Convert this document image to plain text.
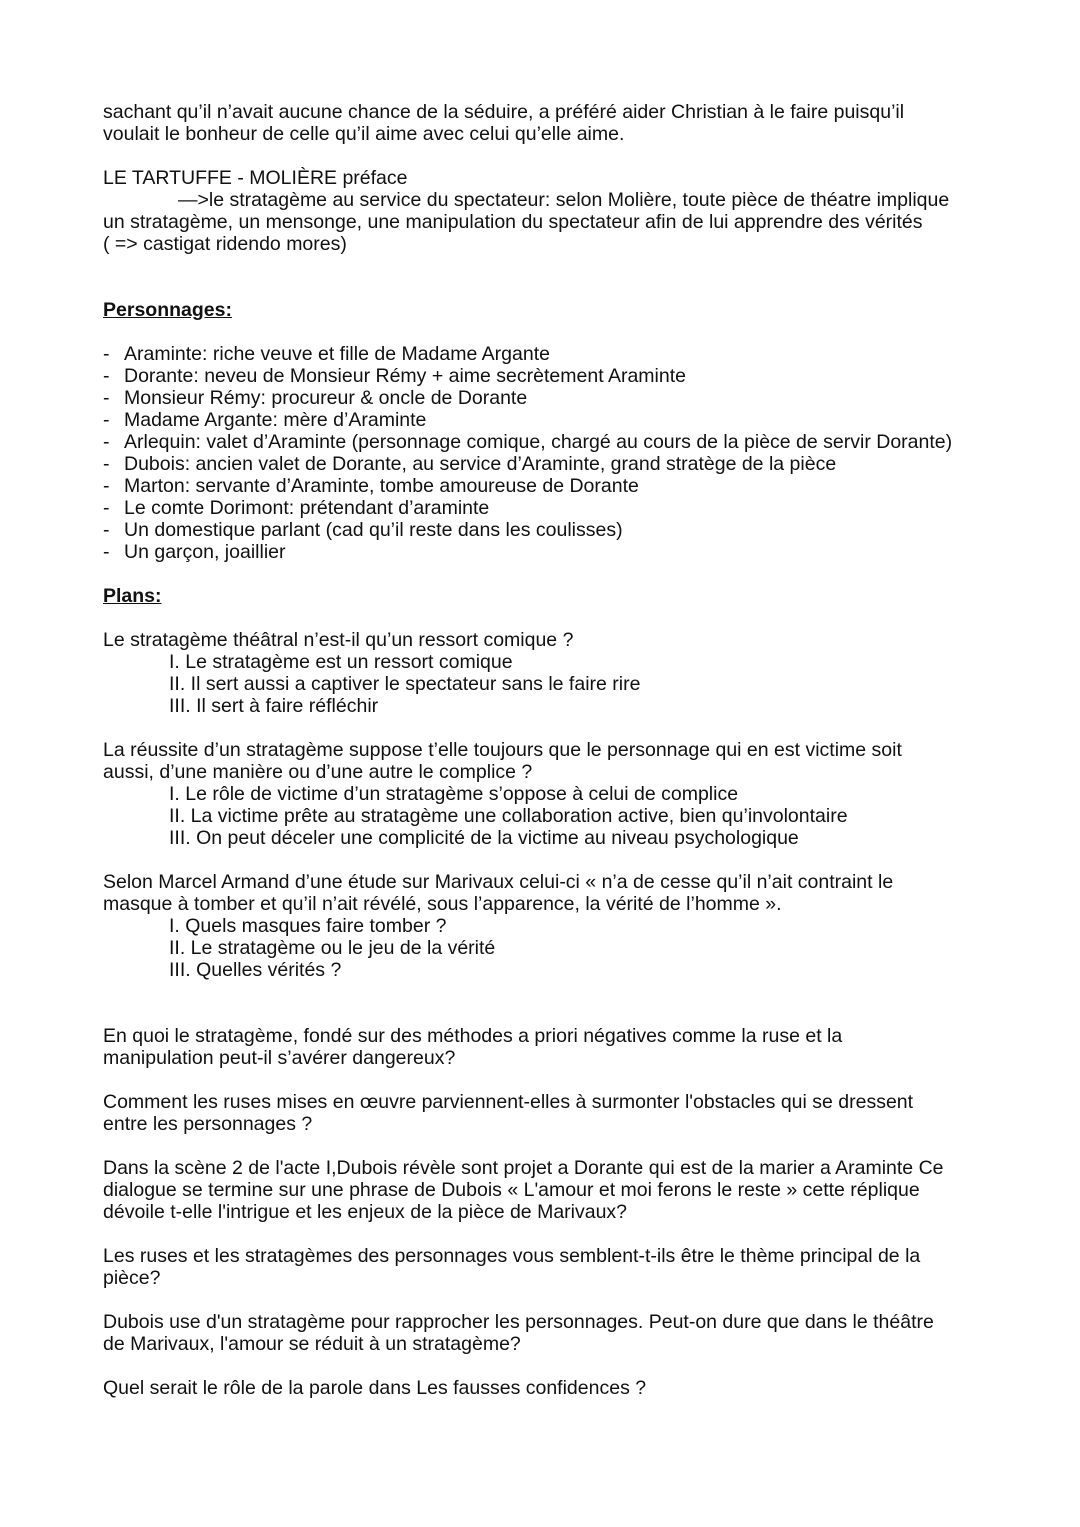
sachant qu’il n’avait aucune chance de la séduire, a préféré aider Christian à le faire puisqu’il

voulait le bonheur de celle qu’il aime avec celui qu’elle aime.

LE TARTUFFE - MOLIÈRE préface

—>le stratagème au service du spectateur: selon Molière, toute pièce de théatre implique

un stratagème, un mensonge, une manipulation du spectateur afin de lui apprendre des vérités

( => castigat ridendo mores)

Personnages:

- Araminte: riche veuve et fille de Madame Argante
- Dorante: neveu de Monsieur Rémy + aime secrètement Araminte
- Monsieur Rémy: procureur & oncle de Dorante
- Madame Argante: mère d’Araminte
- Arlequin: valet d’Araminte (personnage comique, chargé au cours de la pièce de servir Dorante)
- Dubois: ancien valet de Dorante, au service d’Araminte, grand stratège de la pièce
- Marton: servante d’Araminte, tombe amoureuse de Dorante
- Le comte Dorimont: prétendant d’araminte
- Un domestique parlant (cad qu’il reste dans les coulisses)
- Un garçon, joaillier

Plans:

Le stratagème théâtral n’est-il qu’un ressort comique ?

I. Le stratagème est un ressort comique

II. Il sert aussi a captiver le spectateur sans le faire rire

III. Il sert à faire réfléchir

La réussite d’un stratagème suppose t’elle toujours que le personnage qui en est victime soit

aussi, d’une manière ou d’une autre le complice ?

I. Le rôle de victime d’un stratagème s’oppose à celui de complice

II. La victime prête au stratagème une collaboration active, bien qu’involontaire

III. On peut déceler une complicité de la victime au niveau psychologique

Selon Marcel Armand d’une étude sur Marivaux celui-ci « n’a de cesse qu’il n’ait contraint le

masque à tomber et qu’il n’ait révélé, sous l’apparence, la vérité de l’homme ».

I. Quels masques faire tomber ?

II. Le stratagème ou le jeu de la vérité

III. Quelles vérités ?

En quoi le stratagème, fondé sur des méthodes a priori négatives comme la ruse et la

manipulation peut-il s’avérer dangereux?

Comment les ruses mises en œuvre parviennent-elles à surmonter l'obstacles qui se dressent

entre les personnages ?

Dans la scène 2 de l'acte I,Dubois révèle sont projet a Dorante qui est de la marier a Araminte Ce

dialogue se termine sur une phrase de Dubois « L'amour et moi ferons le reste » cette réplique

dévoile t-elle l'intrigue et les enjeux de la pièce de Marivaux?

Les ruses et les stratagèmes des personnages vous semblent-t-ils être le thème principal de la

pièce?

Dubois use d'un stratagème pour rapprocher les personnages. Peut-on dure que dans le théâtre

de Marivaux, l'amour se réduit à un stratagème?

Quel serait le rôle de la parole dans Les fausses confidences ?
